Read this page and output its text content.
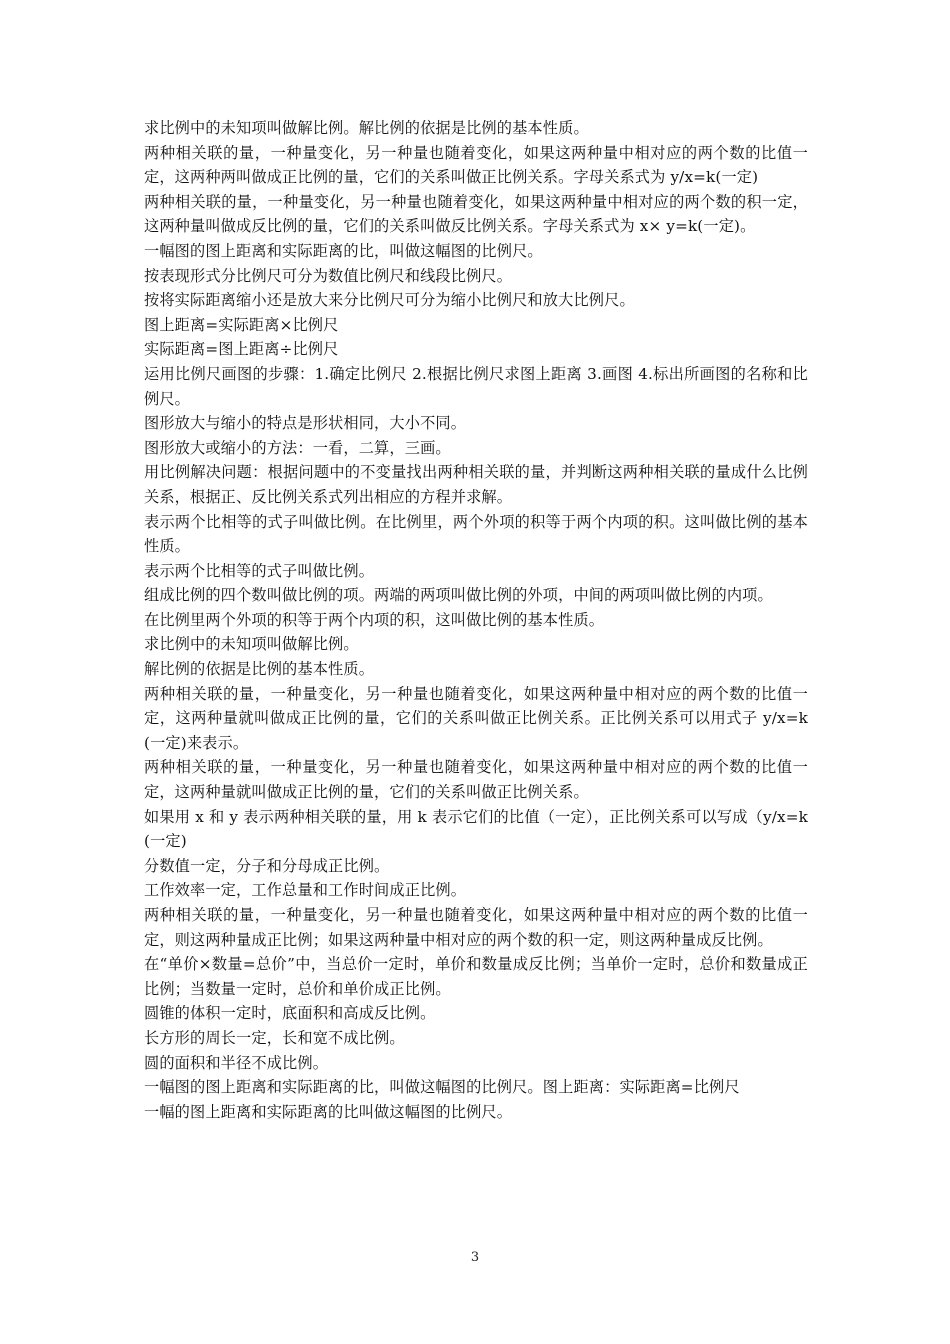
求比例中的未知项叫做解比例。解比例的依据是比例的基本性质。

两种相关联的量，一种量变化，另一种量也随着变化，如果这两种量中相对应的两个数的比值一定，这两种两叫做成正比例的量，它们的关系叫做正比例关系。字母关系式为 y/x=k(一定)

两种相关联的量，一种量变化，另一种量也随着变化，如果这两种量中相对应的两个数的积一定，这两种量叫做成反比例的量，它们的关系叫做反比例关系。字母关系式为 x× y=k(一定)。

一幅图的图上距离和实际距离的比，叫做这幅图的比例尺。

按表现形式分比例尺可分为数值比例尺和线段比例尺。

按将实际距离缩小还是放大来分比例尺可分为缩小比例尺和放大比例尺。

图上距离=实际距离×比例尺

实际距离=图上距离÷比例尺

运用比例尺画图的步骤：1.确定比例尺 2.根据比例尺求图上距离 3.画图 4.标出所画图的名称和比例尺。

图形放大与缩小的特点是形状相同，大小不同。

图形放大或缩小的方法：一看，二算，三画。

用比例解决问题：根据问题中的不变量找出两种相关联的量，并判断这两种相关联的量成什么比例关系，根据正、反比例关系式列出相应的方程并求解。

表示两个比相等的式子叫做比例。在比例里，两个外项的积等于两个内项的积。这叫做比例的基本性质。

表示两个比相等的式子叫做比例。

组成比例的四个数叫做比例的项。两端的两项叫做比例的外项，中间的两项叫做比例的内项。

在比例里两个外项的积等于两个内项的积，这叫做比例的基本性质。

求比例中的未知项叫做解比例。

解比例的依据是比例的基本性质。

两种相关联的量，一种量变化，另一种量也随着变化，如果这两种量中相对应的两个数的比值一定，这两种量就叫做成正比例的量，它们的关系叫做正比例关系。正比例关系可以用式子 y/x=k(一定)来表示。

两种相关联的量，一种量变化，另一种量也随着变化，如果这两种量中相对应的两个数的比值一定，这两种量就叫做成正比例的量，它们的关系叫做正比例关系。

如果用 x 和 y 表示两种相关联的量，用 k 表示它们的比值（一定），正比例关系可以写成（y/x=k(一定)

分数值一定，分子和分母成正比例。

工作效率一定，工作总量和工作时间成正比例。

两种相关联的量，一种量变化，另一种量也随着变化，如果这两种量中相对应的两个数的比值一定，则这两种量成正比例；如果这两种量中相对应的两个数的积一定，则这两种量成反比例。

在“单价×数量=总价”中，当总价一定时，单价和数量成反比例；当单价一定时，总价和数量成正比例；当数量一定时，总价和单价成正比例。

圆锥的体积一定时，底面积和高成反比例。

长方形的周长一定，长和宽不成比例。

圆的面积和半径不成比例。

一幅图的图上距离和实际距离的比，叫做这幅图的比例尺。图上距离：实际距离=比例尺

一幅的图上距离和实际距离的比叫做这幅图的比例尺。

3
